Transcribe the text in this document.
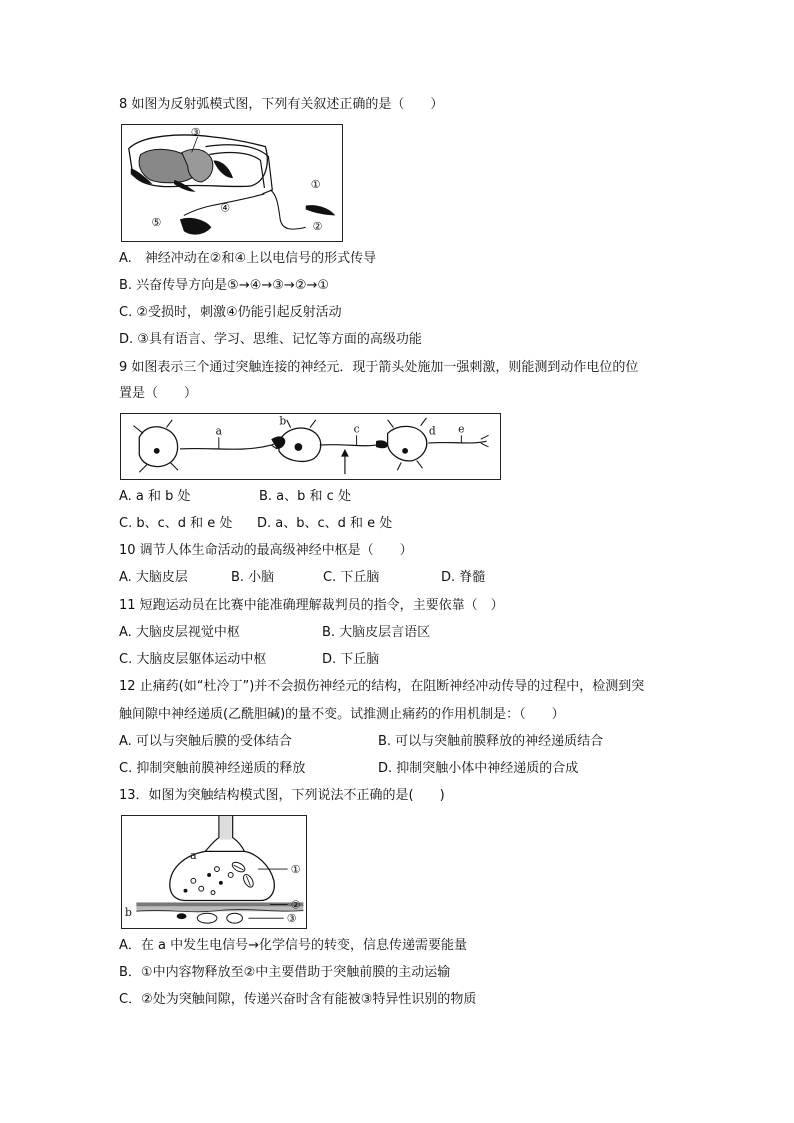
8 如图为反射弧模式图，下列有关叙述正确的是（　　）
③
①
④
⑤	②
A.　神经冲动在②和④上以电信号的形式传导
B. 兴奋传导方向是⑤→④→③→②→①
C. ②受损时，刺激④仍能引起反射活动
D. ③具有语言、学习、思维、记忆等方面的高级功能
9 如图表示三个通过突触连接的神经元．现于箭头处施加一强刺激，则能测到动作电位的位
置是（　　）
a
b
c	d e
A. a 和 b 处	B. a、b 和 c 处
C. b、c、d 和 e 处 D. a、b、c、d 和 e 处
10 调节人体生命活动的最高级神经中枢是（　　）
A. 大脑皮层	B. 小脑	C. 下丘脑	D. 脊髓
11 短跑运动员在比赛中能准确理解裁判员的指令，主要依靠（　）
A. 大脑皮层视觉中枢	B. 大脑皮层言语区
C. 大脑皮层躯体运动中枢	D. 下丘脑
12 止痛药(如“杜冷丁”)并不会损伤神经元的结构，在阻断神经冲动传导的过程中，检测到突
触间隙中神经递质(乙酰胆碱)的量不变。试推测止痛药的作用机制是：（　　）
A. 可以与突触后膜的受体结合	B. 可以与突触前膜释放的神经递质结合
C. 抑制突触前膜神经递质的释放	D. 抑制突触小体中神经递质的合成
13．如图为突触结构模式图，下列说法不正确的是(　　)
a
①
②
b	③
A．在 a 中发生电信号→化学信号的转变，信息传递需要能量
B．①中内容物释放至②中主要借助于突触前膜的主动运输
C．②处为突触间隙，传递兴奋时含有能被③特异性识别的物质
